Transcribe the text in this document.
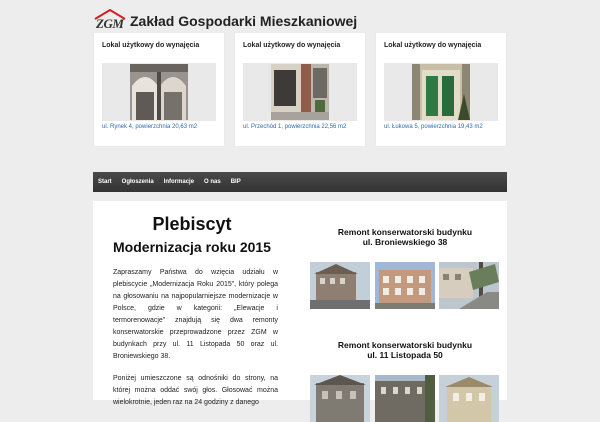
ZGM Zakład Gospodarki Mieszkaniowej
Lokal użytkowy do wynajęcia
ul. Rynek 4, powierzchnia 20,63 m2
Lokal użytkowy do wynajęcia
ul. Przechód 1, powierzchnia 22,56 m2
Lokal użytkowy do wynajęcia
ul. Łukowa 5, powierzchnia 19,43 m2
Start	Ogłoszenia	Informacje	O nas	BIP
Plebiscyt
Modernizacja roku 2015
Zapraszamy Państwa do wzięcia udziału w plebiscycie „Modernizacja Roku 2015”, który polega na głosowaniu na najpopularniejsze modernizacje w Polsce, gdzie w kategorii: „Elewacje i termorenowacje” znajdują się dwa remonty konserwatorskie przeprowadzone przez ZGM w budynkach przy ul. 11 Listopada 50 oraz ul. Broniewskiego 38.
Poniżej umieszczone są odnośniki do strony, na której można oddać swój głos. Głosować można wielokrotnie, jeden raz na 24 godziny z danego
Remont konserwatorski budynku
ul. Broniewskiego 38
Remont konserwatorski budynku
ul. 11 Listopada 50
